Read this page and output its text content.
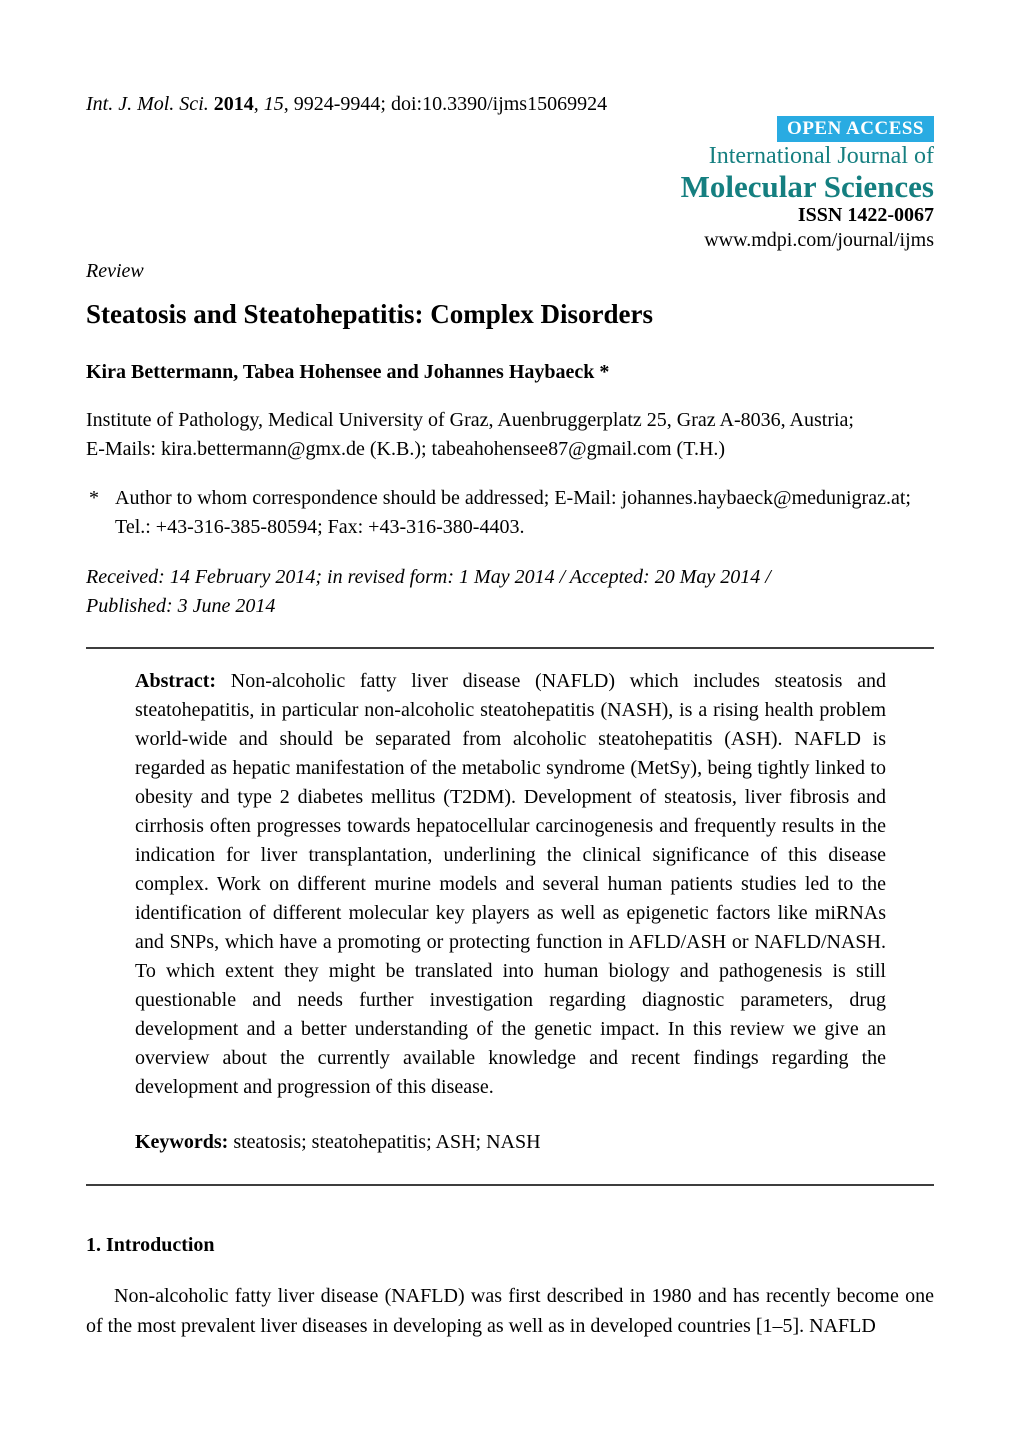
Int. J. Mol. Sci. 2014, 15, 9924-9944; doi:10.3390/ijms15069924
OPEN ACCESS
International Journal of
Molecular Sciences
ISSN 1422-0067
www.mdpi.com/journal/ijms
Review
Steatosis and Steatohepatitis: Complex Disorders
Kira Bettermann, Tabea Hohensee and Johannes Haybaeck *
Institute of Pathology, Medical University of Graz, Auenbruggerplatz 25, Graz A-8036, Austria;
E-Mails: kira.bettermann@gmx.de (K.B.); tabeahohensee87@gmail.com (T.H.)
* Author to whom correspondence should be addressed; E-Mail: johannes.haybaeck@medunigraz.at;
Tel.: +43-316-385-80594; Fax: +43-316-380-4403.
Received: 14 February 2014; in revised form: 1 May 2014 / Accepted: 20 May 2014 /
Published: 3 June 2014

Abstract: Non-alcoholic fatty liver disease (NAFLD) which includes steatosis and steatohepatitis, in particular non-alcoholic steatohepatitis (NASH), is a rising health problem world-wide and should be separated from alcoholic steatohepatitis (ASH). NAFLD is regarded as hepatic manifestation of the metabolic syndrome (MetSy), being tightly linked to obesity and type 2 diabetes mellitus (T2DM). Development of steatosis, liver fibrosis and cirrhosis often progresses towards hepatocellular carcinogenesis and frequently results in the indication for liver transplantation, underlining the clinical significance of this disease complex. Work on different murine models and several human patients studies led to the identification of different molecular key players as well as epigenetic factors like miRNAs and SNPs, which have a promoting or protecting function in AFLD/ASH or NAFLD/NASH. To which extent they might be translated into human biology and pathogenesis is still questionable and needs further investigation regarding diagnostic parameters, drug development and a better understanding of the genetic impact. In this review we give an overview about the currently available knowledge and recent findings regarding the development and progression of this disease.

Keywords: steatosis; steatohepatitis; ASH; NASH

1. Introduction

Non-alcoholic fatty liver disease (NAFLD) was first described in 1980 and has recently become one of the most prevalent liver diseases in developing as well as in developed countries [1–5]. NAFLD
